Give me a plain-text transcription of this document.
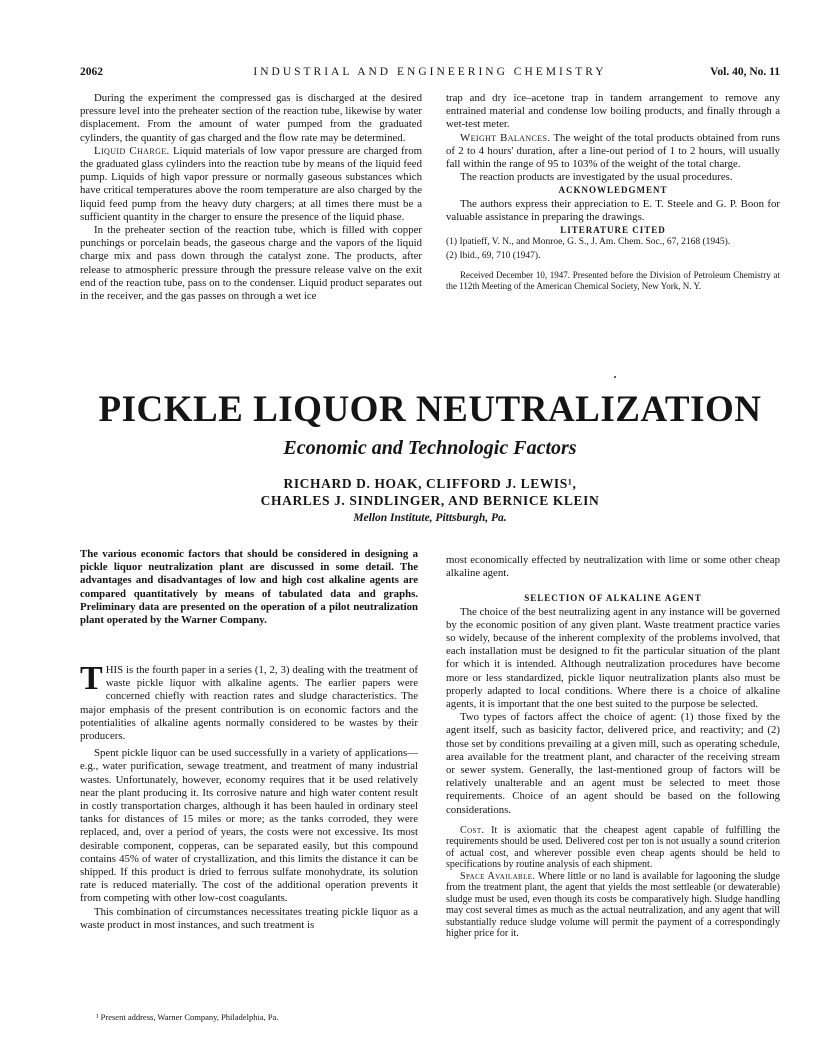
2062	INDUSTRIAL AND ENGINEERING CHEMISTRY	Vol. 40, No. 11

During the experiment the compressed gas is discharged at the desired pressure level into the preheater section of the reaction tube, likewise by water displacement. From the amount of water pumped from the graduated cylinders, the quantity of gas charged and the flow rate may be determined.

Liquid Charge. Liquid materials of low vapor pressure are charged from the graduated glass cylinders into the reaction tube by means of the liquid feed pump. Liquids of high vapor pressure or normally gaseous substances which have critical temperatures above the room temperature are also charged by the liquid feed pump from the heavy duty chargers; at all times there must be a sufficient quantity in the charger to ensure the presence of the liquid phase.

In the preheater section of the reaction tube, which is filled with copper punchings or porcelain beads, the gaseous charge and the vapors of the liquid charge mix and pass down through the catalyst zone. The products, after release to atmospheric pressure through the pressure release valve on the exit end of the reaction tube, pass on to the condenser. Liquid product separates out in the receiver, and the gas passes on through a wet ice

trap and dry ice–acetone trap in tandem arrangement to remove any entrained material and condense low boiling products, and finally through a wet-test meter.

Weight Balances. The weight of the total products obtained from runs of 2 to 4 hours' duration, after a line-out period of 1 to 2 hours, will usually fall within the range of 95 to 103% of the weight of the total charge.

The reaction products are investigated by the usual procedures.

ACKNOWLEDGMENT

The authors express their appreciation to E. T. Steele and G. P. Boon for valuable assistance in preparing the drawings.

LITERATURE CITED

(1) Ipatieff, V. N., and Monroe, G. S., J. Am. Chem. Soc., 67, 2168 (1945).

(2) Ibid., 69, 710 (1947).

Received December 10, 1947. Presented before the Division of Petroleum Chemistry at the 112th Meeting of the American Chemical Society, New York, N. Y.

PICKLE LIQUOR NEUTRALIZATION
Economic and Technologic Factors
RICHARD D. HOAK, CLIFFORD J. LEWIS¹,
CHARLES J. SINDLINGER, AND BERNICE KLEIN
Mellon Institute, Pittsburgh, Pa.
The various economic factors that should be considered in designing a pickle liquor neutralization plant are discussed in some detail. The advantages and disadvantages of low and high cost alkaline agents are compared quantitatively by means of tabulated data and graphs. Preliminary data are presented on the operation of a pilot neutralization plant operated by the Warner Company.

THIS is the fourth paper in a series (1, 2, 3) dealing with the treatment of waste pickle liquor with alkaline agents. The earlier papers were concerned chiefly with reaction rates and sludge characteristics. The major emphasis of the present contribution is on economic factors and the potentialities of alkaline agents normally considered to be wastes by their producers.

Spent pickle liquor can be used successfully in a variety of applications—e.g., water purification, sewage treatment, and treatment of many industrial wastes. Unfortunately, however, economy requires that it be used relatively near the plant producing it. Its corrosive nature and high water content result in costly transportation charges, although it has been hauled in ordinary steel tanks for distances of 15 miles or more; as the tanks corroded, they were replaced, and, over a period of years, the costs were not excessive. Its most desirable component, copperas, can be separated easily, but this compound contains 45% of water of crystallization, and this limits the distance it can be shipped. If this product is dried to ferrous sulfate monohydrate, its solution rate is reduced materially. The cost of the additional operation prevents it from competing with other low-cost coagulants.

This combination of circumstances necessitates treating pickle liquor as a waste product in most instances, and such treatment is

¹ Present address, Warner Company, Philadelphia, Pa.

most economically effected by neutralization with lime or some other cheap alkaline agent.

SELECTION OF ALKALINE AGENT

The choice of the best neutralizing agent in any instance will be governed by the economic position of any given plant. Waste treatment practice varies so widely, because of the inherent complexity of the problems involved, that each installation must be designed to fit the particular situation of the plant for which it is intended. Although neutralization procedures have become more or less standardized, pickle liquor neutralization plants also must be properly adapted to local conditions. Where there is a choice of alkaline agents, it is important that the one best suited to the purpose be selected.

Two types of factors affect the choice of agent: (1) those fixed by the agent itself, such as basicity factor, delivered price, and reactivity; and (2) those set by conditions prevailing at a given mill, such as operating schedule, area available for the treatment plant, and character of the receiving stream or sewer system. Generally, the last-mentioned group of factors will be relatively unalterable and an agent must be selected to meet those requirements. Choice of an agent should be based on the following considerations.

Cost. It is axiomatic that the cheapest agent capable of fulfilling the requirements should be used. Delivered cost per ton is not usually a sound criterion of actual cost, and wherever possible even cheap agents should be held to specifications by routine analysis of each shipment.

Space Available. Where little or no land is available for lagooning the sludge from the treatment plant, the agent that yields the most settleable (or dewaterable) sludge must be used, even though its costs be comparatively high. Sludge handling may cost several times as much as the actual neutralization, and any agent that will substantially reduce sludge volume will permit the payment of a correspondingly higher price for it.
